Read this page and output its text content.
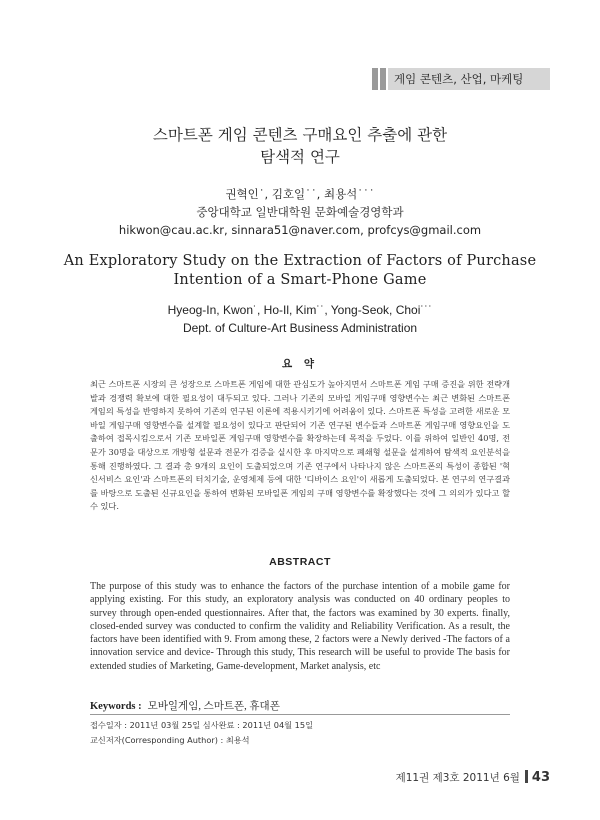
게임 콘텐츠, 산업, 마케팅
스마트폰 게임 콘텐츠 구매요인 추출에 관한
탐색적 연구
권혁인˙, 김호일˙˙, 최용석˙˙˙
중앙대학교 일반대학원 문화예술경영학과
hikwon@cau.ac.kr, sinnara51@naver.com, profcys@gmail.com
An Exploratory Study on the Extraction of Factors of Purchase
Intention of a Smart-Phone Game
Hyeog-In, Kwon˙, Ho-Il, Kim˙˙, Yong-Seok, Choi˙˙˙
Dept. of Culture-Art Business Administration
요 약
최근 스마트폰 시장의 큰 성장으로 스마트폰 게임에 대한 관심도가 높아지면서 스마트폰 게임 구매 증진을 위한 전략개발과 경쟁력 확보에 대한 필요성이 대두되고 있다. 그러나 기존의 모바일 게임구매 영향변수는 최근 변화된 스마트폰 게임의 특성을 반영하지 못하여 기존의 연구된 이론에 적용시키기에 어려움이 있다. 스마트폰 특성을 고려한 새로운 모바일 게임구매 영향변수를 설계할 필요성이 있다고 판단되어 기존 연구된 변수들과 스마트폰 게임구매 영향요인을 도출하여 접목시킴으로서 기존 모바일폰 게임구매 영향변수를 확장하는데 목적을 두었다. 이를 위하여 일반인 40명, 전문가 30명을 대상으로 개방형 설문과 전문가 검증을 실시한 후 마지막으로 폐쇄형 설문을 설계하여 탐색적 요인분석을 통해 진행하였다. 그 결과 총 9개의 요인이 도출되었으며 기존 연구에서 나타나지 않은 스마트폰의 특성이 종합된 '혁신서비스 요인'과 스마트폰의 터치기술, 운영체제 등에 대한 '디바이스 요인'이 새롭게 도출되었다. 본 연구의 연구결과를 바탕으로 도출된 신규요인을 통하여 변화된 모바일폰 게임의 구매 영향변수를 확장했다는 것에 그 의의가 있다고 할 수 있다.
ABSTRACT
The purpose of this study was to enhance the factors of the purchase intention of a mobile game for applying existing. For this study, an exploratory analysis was conducted on 40 ordinary peoples to survey through open-ended questionnaires. After that, the factors was examined by 30 experts. finally, closed-ended survey was conducted to confirm the validity and Reliability Verification. As a result, the factors have been identified with 9. From among these, 2 factors were a Newly derived -The factors of a innovation service and device- Through this study, This research will be useful to provide The basis for extended studies of Marketing, Game-development, Market analysis, etc
Keywords : 모바일게임, 스마트폰, 휴대폰
접수일자 : 2011년 03월 25일 심사완료 : 2011년 04월 15일
교신저자(Corresponding Author) : 최용석
제11권 제3호 2011년 6월 43
